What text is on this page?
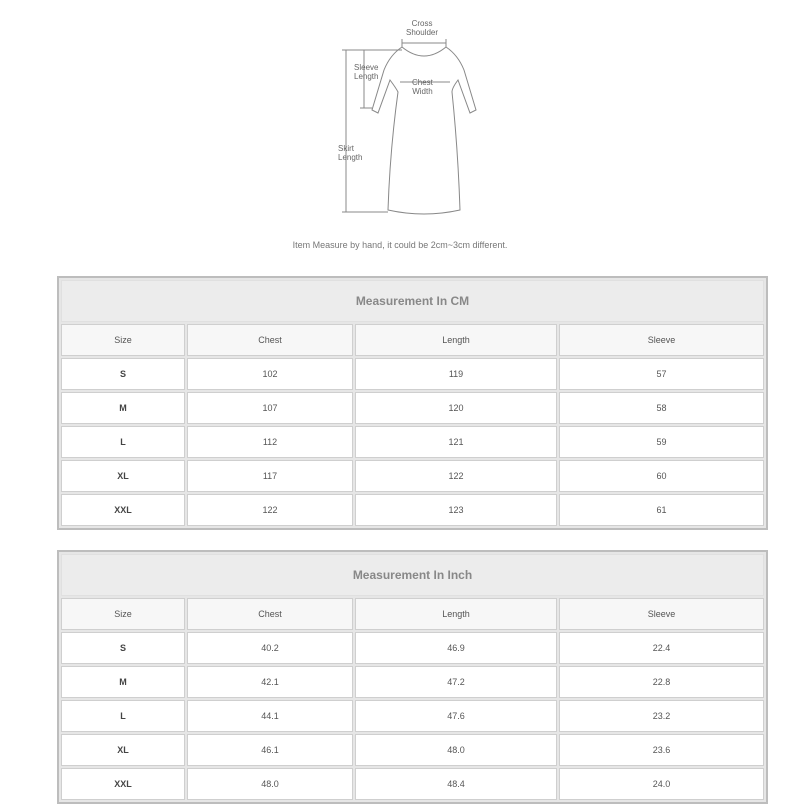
Cross
Shoulder
Sleeve
Length
Chest
Width
Skirt
Length
Item Measure by hand, it could be 2cm~3cm different.
Measurement In CM			
Size	Chest	Length	Sleeve
S	102	119	57
M	107	120	58
L	112	121	59
XL	117	122	60
XXL	122	123	61
Measurement In Inch			
Size	Chest	Length	Sleeve
S	40.2	46.9	22.4
M	42.1	47.2	22.8
L	44.1	47.6	23.2
XL	46.1	48.0	23.6
XXL	48.0	48.4	24.0
